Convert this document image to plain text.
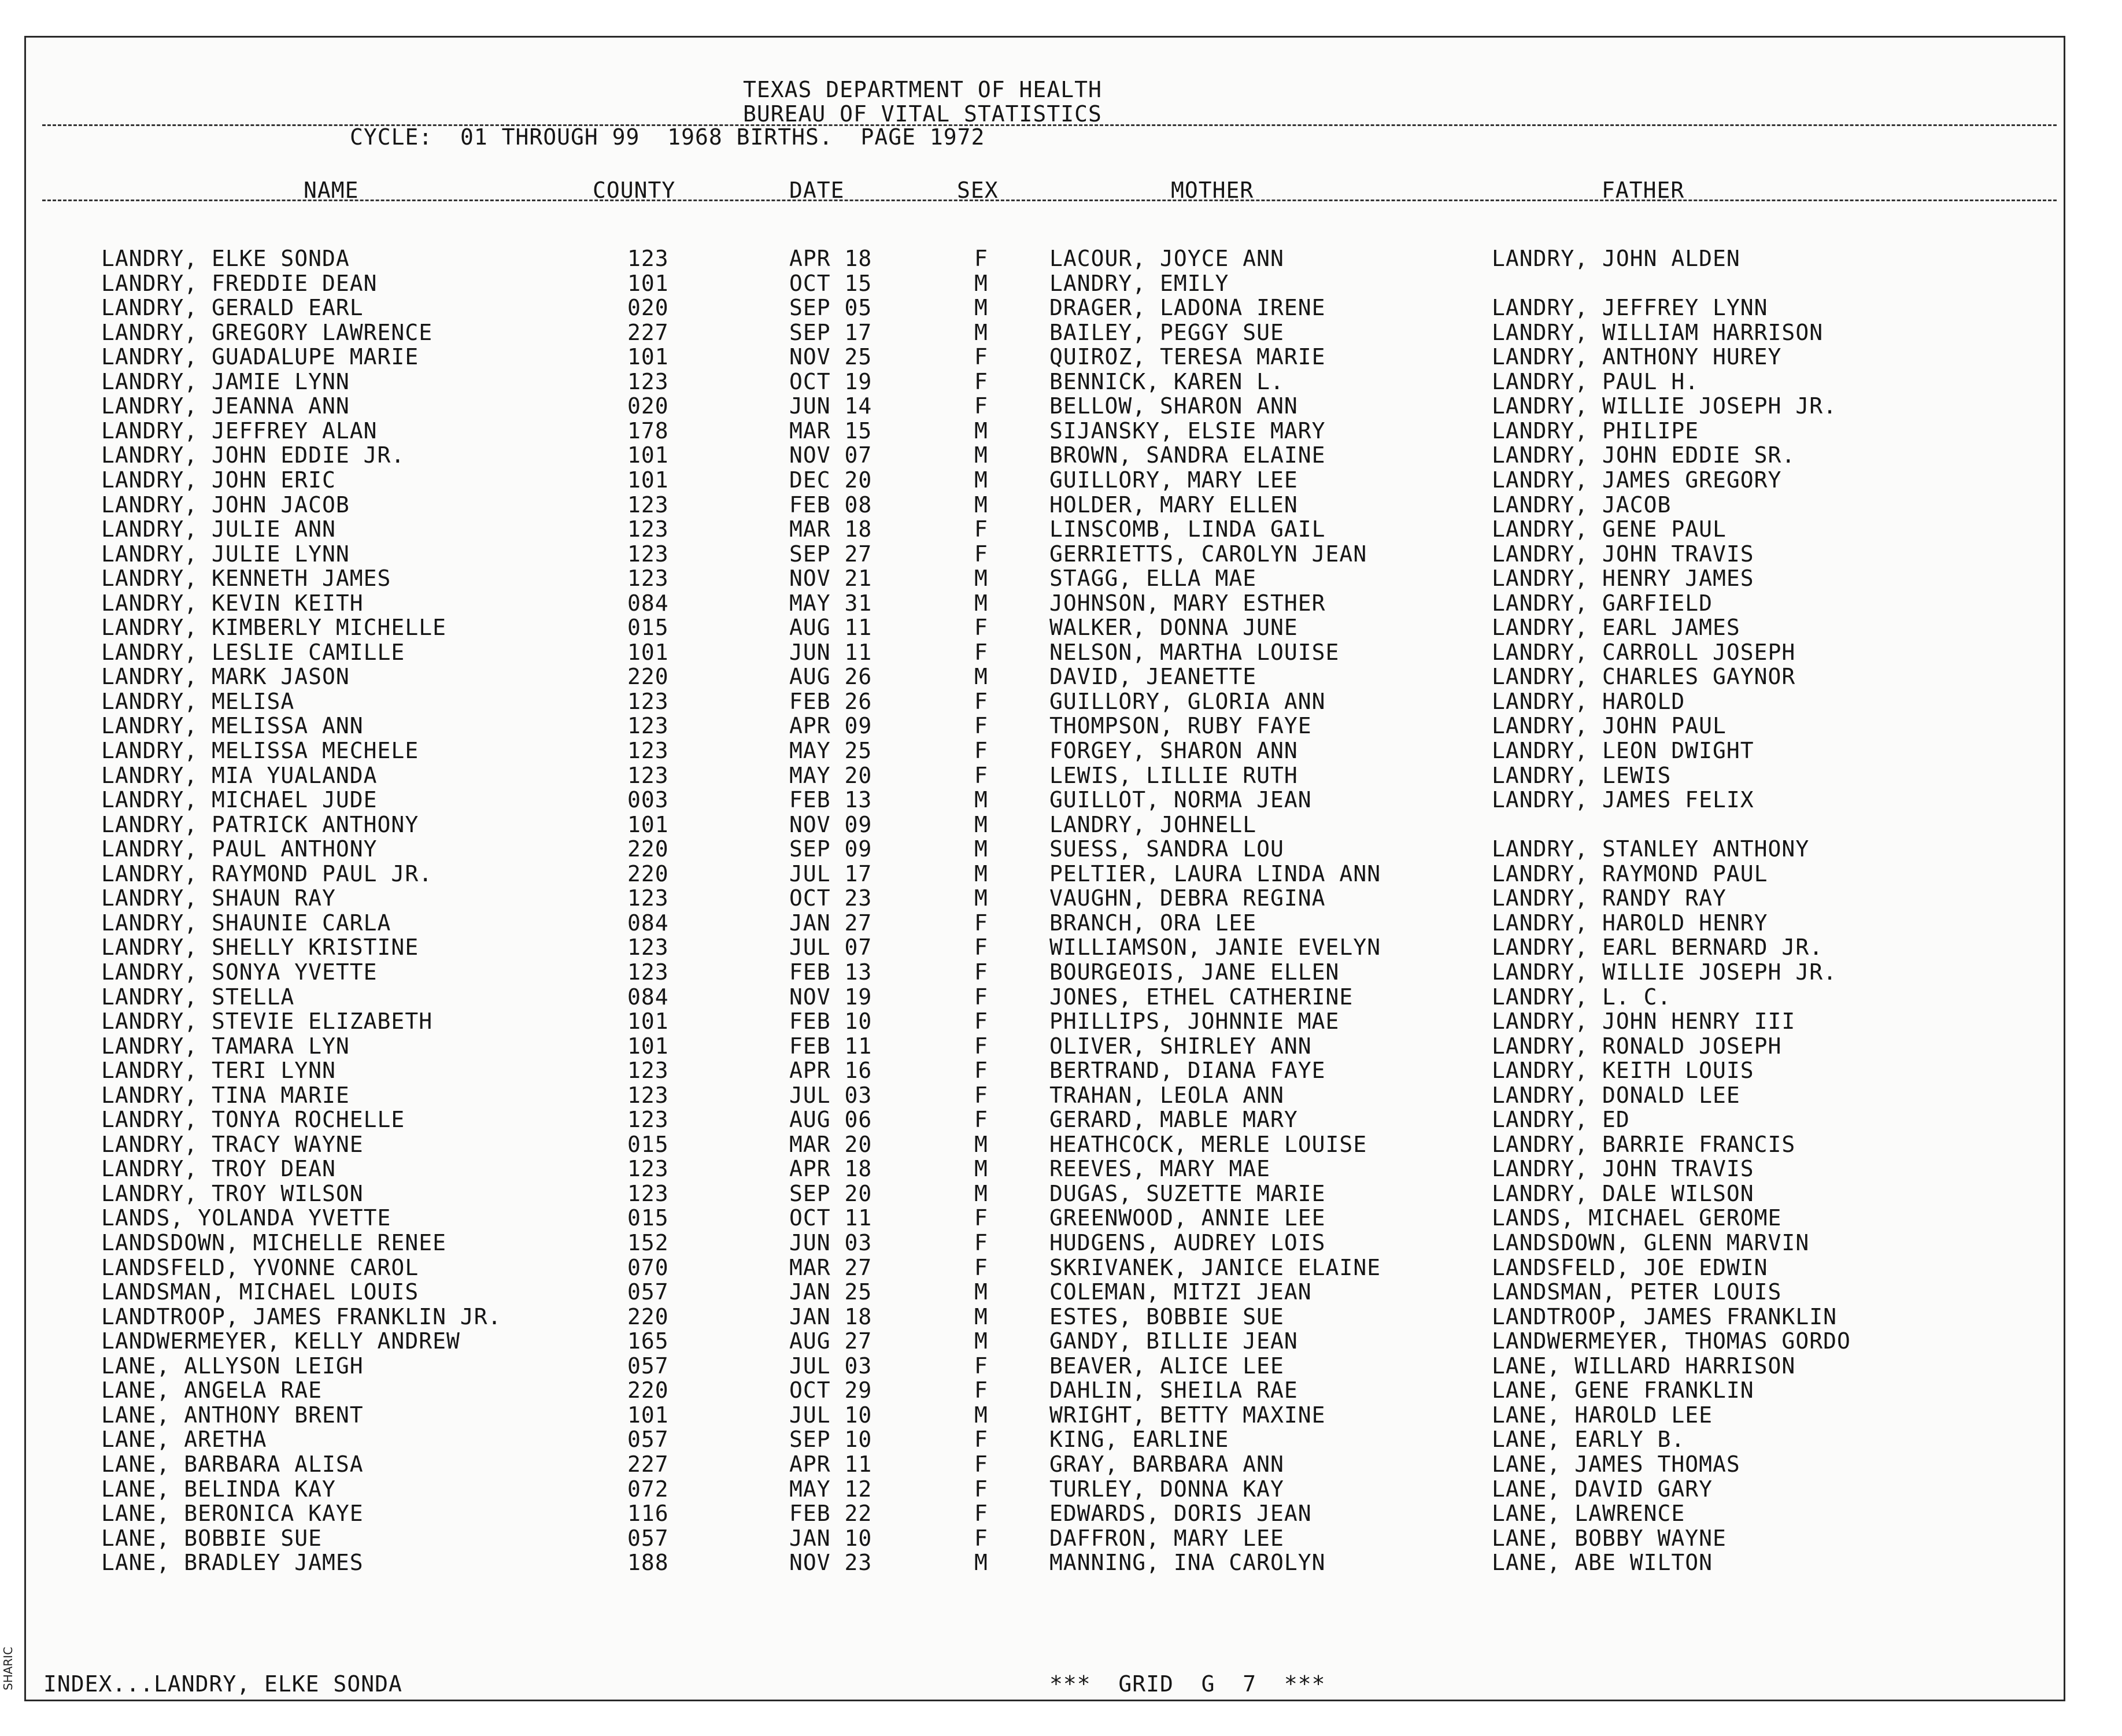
TEXAS DEPARTMENT OF HEALTH
BUREAU OF VITAL STATISTICS
CYCLE:  01 THROUGH 99  1968 BIRTHS.  PAGE 1972
NAME	COUNTY	DATE	SEX	MOTHER	FATHER
LANDRY, ELKE SONDA	123	APR 18	F	LACOUR, JOYCE ANN	LANDRY, JOHN ALDEN
LANDRY, FREDDIE DEAN	101	OCT 15	M	LANDRY, EMILY
LANDRY, GERALD EARL	020	SEP 05	M	DRAGER, LADONA IRENE	LANDRY, JEFFREY LYNN
LANDRY, GREGORY LAWRENCE	227	SEP 17	M	BAILEY, PEGGY SUE	LANDRY, WILLIAM HARRISON
LANDRY, GUADALUPE MARIE	101	NOV 25	F	QUIROZ, TERESA MARIE	LANDRY, ANTHONY HUREY
LANDRY, JAMIE LYNN	123	OCT 19	F	BENNICK, KAREN L.	LANDRY, PAUL H.
LANDRY, JEANNA ANN	020	JUN 14	F	BELLOW, SHARON ANN	LANDRY, WILLIE JOSEPH JR.
LANDRY, JEFFREY ALAN	178	MAR 15	M	SIJANSKY, ELSIE MARY	LANDRY, PHILIPE
LANDRY, JOHN EDDIE JR.	101	NOV 07	M	BROWN, SANDRA ELAINE	LANDRY, JOHN EDDIE SR.
LANDRY, JOHN ERIC	101	DEC 20	M	GUILLORY, MARY LEE	LANDRY, JAMES GREGORY
LANDRY, JOHN JACOB	123	FEB 08	M	HOLDER, MARY ELLEN	LANDRY, JACOB
LANDRY, JULIE ANN	123	MAR 18	F	LINSCOMB, LINDA GAIL	LANDRY, GENE PAUL
LANDRY, JULIE LYNN	123	SEP 27	F	GERRIETTS, CAROLYN JEAN	LANDRY, JOHN TRAVIS
LANDRY, KENNETH JAMES	123	NOV 21	M	STAGG, ELLA MAE	LANDRY, HENRY JAMES
LANDRY, KEVIN KEITH	084	MAY 31	M	JOHNSON, MARY ESTHER	LANDRY, GARFIELD
LANDRY, KIMBERLY MICHELLE	015	AUG 11	F	WALKER, DONNA JUNE	LANDRY, EARL JAMES
LANDRY, LESLIE CAMILLE	101	JUN 11	F	NELSON, MARTHA LOUISE	LANDRY, CARROLL JOSEPH
LANDRY, MARK JASON	220	AUG 26	M	DAVID, JEANETTE	LANDRY, CHARLES GAYNOR
LANDRY, MELISA	123	FEB 26	F	GUILLORY, GLORIA ANN	LANDRY, HAROLD
LANDRY, MELISSA ANN	123	APR 09	F	THOMPSON, RUBY FAYE	LANDRY, JOHN PAUL
LANDRY, MELISSA MECHELE	123	MAY 25	F	FORGEY, SHARON ANN	LANDRY, LEON DWIGHT
LANDRY, MIA YUALANDA	123	MAY 20	F	LEWIS, LILLIE RUTH	LANDRY, LEWIS
LANDRY, MICHAEL JUDE	003	FEB 13	M	GUILLOT, NORMA JEAN	LANDRY, JAMES FELIX
LANDRY, PATRICK ANTHONY	101	NOV 09	M	LANDRY, JOHNELL
LANDRY, PAUL ANTHONY	220	SEP 09	M	SUESS, SANDRA LOU	LANDRY, STANLEY ANTHONY
LANDRY, RAYMOND PAUL JR.	220	JUL 17	M	PELTIER, LAURA LINDA ANN	LANDRY, RAYMOND PAUL
LANDRY, SHAUN RAY	123	OCT 23	M	VAUGHN, DEBRA REGINA	LANDRY, RANDY RAY
LANDRY, SHAUNIE CARLA	084	JAN 27	F	BRANCH, ORA LEE	LANDRY, HAROLD HENRY
LANDRY, SHELLY KRISTINE	123	JUL 07	F	WILLIAMSON, JANIE EVELYN	LANDRY, EARL BERNARD JR.
LANDRY, SONYA YVETTE	123	FEB 13	F	BOURGEOIS, JANE ELLEN	LANDRY, WILLIE JOSEPH JR.
LANDRY, STELLA	084	NOV 19	F	JONES, ETHEL CATHERINE	LANDRY, L. C.
LANDRY, STEVIE ELIZABETH	101	FEB 10	F	PHILLIPS, JOHNNIE MAE	LANDRY, JOHN HENRY III
LANDRY, TAMARA LYN	101	FEB 11	F	OLIVER, SHIRLEY ANN	LANDRY, RONALD JOSEPH
LANDRY, TERI LYNN	123	APR 16	F	BERTRAND, DIANA FAYE	LANDRY, KEITH LOUIS
LANDRY, TINA MARIE	123	JUL 03	F	TRAHAN, LEOLA ANN	LANDRY, DONALD LEE
LANDRY, TONYA ROCHELLE	123	AUG 06	F	GERARD, MABLE MARY	LANDRY, ED
LANDRY, TRACY WAYNE	015	MAR 20	M	HEATHCOCK, MERLE LOUISE	LANDRY, BARRIE FRANCIS
LANDRY, TROY DEAN	123	APR 18	M	REEVES, MARY MAE	LANDRY, JOHN TRAVIS
LANDRY, TROY WILSON	123	SEP 20	M	DUGAS, SUZETTE MARIE	LANDRY, DALE WILSON
LANDS, YOLANDA YVETTE	015	OCT 11	F	GREENWOOD, ANNIE LEE	LANDS, MICHAEL GEROME
LANDSDOWN, MICHELLE RENEE	152	JUN 03	F	HUDGENS, AUDREY LOIS	LANDSDOWN, GLENN MARVIN
LANDSFELD, YVONNE CAROL	070	MAR 27	F	SKRIVANEK, JANICE ELAINE	LANDSFELD, JOE EDWIN
LANDSMAN, MICHAEL LOUIS	057	JAN 25	M	COLEMAN, MITZI JEAN	LANDSMAN, PETER LOUIS
LANDTROOP, JAMES FRANKLIN JR.	220	JAN 18	M	ESTES, BOBBIE SUE	LANDTROOP, JAMES FRANKLIN
LANDWERMEYER, KELLY ANDREW	165	AUG 27	M	GANDY, BILLIE JEAN	LANDWERMEYER, THOMAS GORDO
LANE, ALLYSON LEIGH	057	JUL 03	F	BEAVER, ALICE LEE	LANE, WILLARD HARRISON
LANE, ANGELA RAE	220	OCT 29	F	DAHLIN, SHEILA RAE	LANE, GENE FRANKLIN
LANE, ANTHONY BRENT	101	JUL 10	M	WRIGHT, BETTY MAXINE	LANE, HAROLD LEE
LANE, ARETHA	057	SEP 10	F	KING, EARLINE	LANE, EARLY B.
LANE, BARBARA ALISA	227	APR 11	F	GRAY, BARBARA ANN	LANE, JAMES THOMAS
LANE, BELINDA KAY	072	MAY 12	F	TURLEY, DONNA KAY	LANE, DAVID GARY
LANE, BERONICA KAYE	116	FEB 22	F	EDWARDS, DORIS JEAN	LANE, LAWRENCE
LANE, BOBBIE SUE	057	JAN 10	F	DAFFRON, MARY LEE	LANE, BOBBY WAYNE
LANE, BRADLEY JAMES	188	NOV 23	M	MANNING, INA CAROLYN	LANE, ABE WILTON
INDEX...LANDRY, ELKE SONDA	***  GRID  G  7  ***
SHARIC
